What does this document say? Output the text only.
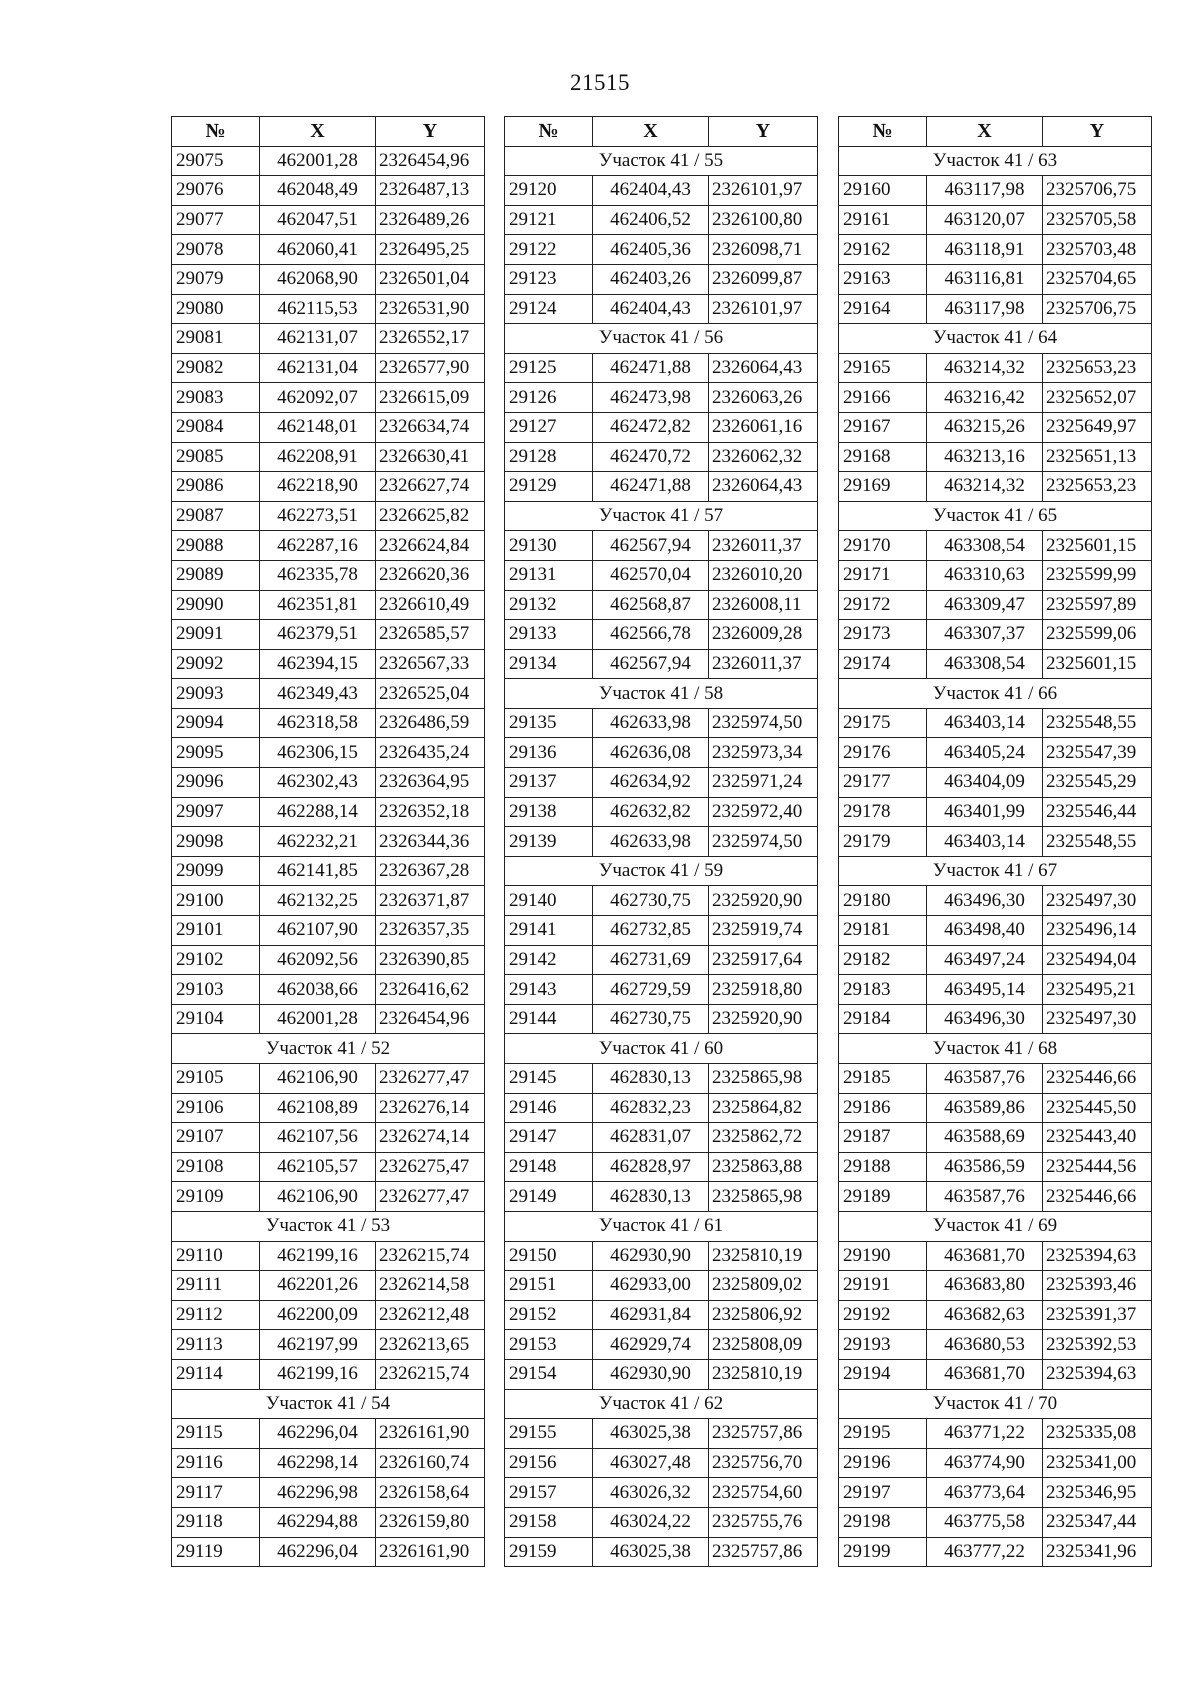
21515
№	X	Y
29075	462001,28	2326454,96
29076	462048,49	2326487,13
29077	462047,51	2326489,26
29078	462060,41	2326495,25
29079	462068,90	2326501,04
29080	462115,53	2326531,90
29081	462131,07	2326552,17
29082	462131,04	2326577,90
29083	462092,07	2326615,09
29084	462148,01	2326634,74
29085	462208,91	2326630,41
29086	462218,90	2326627,74
29087	462273,51	2326625,82
29088	462287,16	2326624,84
29089	462335,78	2326620,36
29090	462351,81	2326610,49
29091	462379,51	2326585,57
29092	462394,15	2326567,33
29093	462349,43	2326525,04
29094	462318,58	2326486,59
29095	462306,15	2326435,24
29096	462302,43	2326364,95
29097	462288,14	2326352,18
29098	462232,21	2326344,36
29099	462141,85	2326367,28
29100	462132,25	2326371,87
29101	462107,90	2326357,35
29102	462092,56	2326390,85
29103	462038,66	2326416,62
29104	462001,28	2326454,96
Участок 41 / 52		
29105	462106,90	2326277,47
29106	462108,89	2326276,14
29107	462107,56	2326274,14
29108	462105,57	2326275,47
29109	462106,90	2326277,47
Участок 41 / 53		
29110	462199,16	2326215,74
29111	462201,26	2326214,58
29112	462200,09	2326212,48
29113	462197,99	2326213,65
29114	462199,16	2326215,74
Участок 41 / 54		
29115	462296,04	2326161,90
29116	462298,14	2326160,74
29117	462296,98	2326158,64
29118	462294,88	2326159,80
29119	462296,04	2326161,90
№	X	Y
Участок 41 / 55		
29120	462404,43	2326101,97
29121	462406,52	2326100,80
29122	462405,36	2326098,71
29123	462403,26	2326099,87
29124	462404,43	2326101,97
Участок 41 / 56		
29125	462471,88	2326064,43
29126	462473,98	2326063,26
29127	462472,82	2326061,16
29128	462470,72	2326062,32
29129	462471,88	2326064,43
Участок 41 / 57		
29130	462567,94	2326011,37
29131	462570,04	2326010,20
29132	462568,87	2326008,11
29133	462566,78	2326009,28
29134	462567,94	2326011,37
Участок 41 / 58		
29135	462633,98	2325974,50
29136	462636,08	2325973,34
29137	462634,92	2325971,24
29138	462632,82	2325972,40
29139	462633,98	2325974,50
Участок 41 / 59		
29140	462730,75	2325920,90
29141	462732,85	2325919,74
29142	462731,69	2325917,64
29143	462729,59	2325918,80
29144	462730,75	2325920,90
Участок 41 / 60		
29145	462830,13	2325865,98
29146	462832,23	2325864,82
29147	462831,07	2325862,72
29148	462828,97	2325863,88
29149	462830,13	2325865,98
Участок 41 / 61		
29150	462930,90	2325810,19
29151	462933,00	2325809,02
29152	462931,84	2325806,92
29153	462929,74	2325808,09
29154	462930,90	2325810,19
Участок 41 / 62		
29155	463025,38	2325757,86
29156	463027,48	2325756,70
29157	463026,32	2325754,60
29158	463024,22	2325755,76
29159	463025,38	2325757,86
№	X	Y
Участок 41 / 63		
29160	463117,98	2325706,75
29161	463120,07	2325705,58
29162	463118,91	2325703,48
29163	463116,81	2325704,65
29164	463117,98	2325706,75
Участок 41 / 64		
29165	463214,32	2325653,23
29166	463216,42	2325652,07
29167	463215,26	2325649,97
29168	463213,16	2325651,13
29169	463214,32	2325653,23
Участок 41 / 65		
29170	463308,54	2325601,15
29171	463310,63	2325599,99
29172	463309,47	2325597,89
29173	463307,37	2325599,06
29174	463308,54	2325601,15
Участок 41 / 66		
29175	463403,14	2325548,55
29176	463405,24	2325547,39
29177	463404,09	2325545,29
29178	463401,99	2325546,44
29179	463403,14	2325548,55
Участок 41 / 67		
29180	463496,30	2325497,30
29181	463498,40	2325496,14
29182	463497,24	2325494,04
29183	463495,14	2325495,21
29184	463496,30	2325497,30
Участок 41 / 68		
29185	463587,76	2325446,66
29186	463589,86	2325445,50
29187	463588,69	2325443,40
29188	463586,59	2325444,56
29189	463587,76	2325446,66
Участок 41 / 69		
29190	463681,70	2325394,63
29191	463683,80	2325393,46
29192	463682,63	2325391,37
29193	463680,53	2325392,53
29194	463681,70	2325394,63
Участок 41 / 70		
29195	463771,22	2325335,08
29196	463774,90	2325341,00
29197	463773,64	2325346,95
29198	463775,58	2325347,44
29199	463777,22	2325341,96
